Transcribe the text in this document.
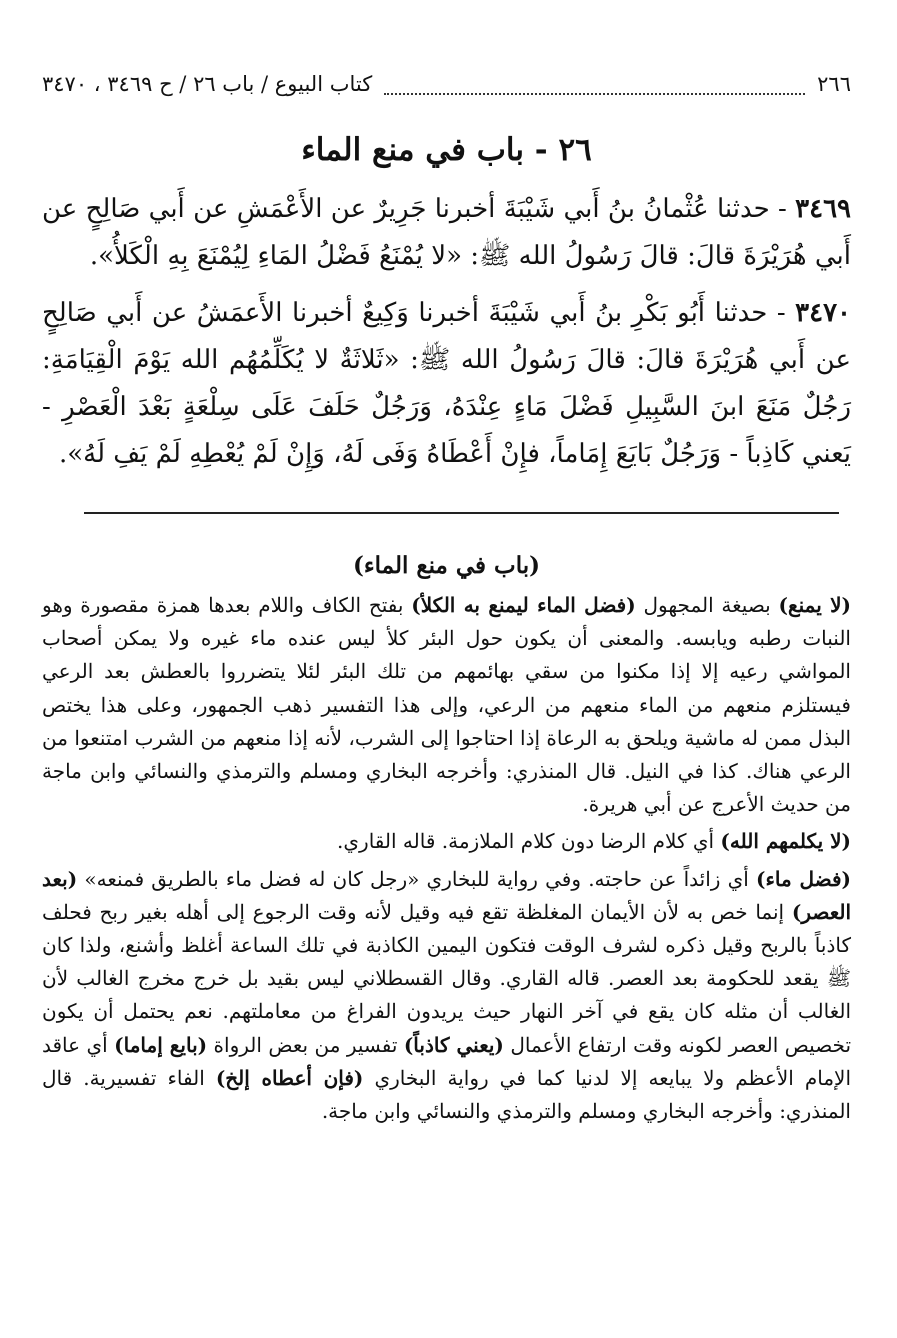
٢٦٦
كتاب البيوع / باب ٢٦ / ح ٣٤٦٩ ، ٣٤٧٠
٢٦ - باب في منع الماء

٣٤٦٩ - حدثنا عُثْمانُ بنُ أَبي شَيْبَةَ أخبرنا جَرِيرٌ عن الأَعْمَشِ عن أَبي صَالِحٍ عن أَبي هُرَيْرَةَ قالَ: قالَ رَسُولُ الله ﷺ: «لا يُمْنَعُ فَضْلُ المَاءِ لِيُمْنَعَ بِهِ الْكَلأُ».

٣٤٧٠ - حدثنا أَبُو بَكْرِ بنُ أَبي شَيْبَةَ أخبرنا وَكِيعٌ أخبرنا الأَعمَشُ عن أَبي صَالِحٍ عن أَبي هُرَيْرَةَ قالَ: قالَ رَسُولُ الله ﷺ: «ثَلاثَةٌ لا يُكَلِّمُهُم الله يَوْمَ الْقِيَامَةِ: رَجُلٌ مَنَعَ ابنَ السَّبِيلِ فَضْلَ مَاءٍ عِنْدَهُ، وَرَجُلٌ حَلَفَ عَلَى سِلْعَةٍ بَعْدَ الْعَصْرِ - يَعني كَاذِباً - وَرَجُلٌ بَايَعَ إِمَاماً، فإِنْ أَعْطَاهُ وَفَى لَهُ، وَإِنْ لَمْ يُعْطِهِ لَمْ يَفِ لَهُ».

(باب في منع الماء)

(لا يمنع) بصيغة المجهول (فضل الماء ليمنع به الكلأ) بفتح الكاف واللام بعدها همزة مقصورة وهو النبات رطبه ويابسه. والمعنى أن يكون حول البئر كلأ ليس عنده ماء غيره ولا يمكن أصحاب المواشي رعيه إلا إذا مكنوا من سقي بهائمهم من تلك البئر لئلا يتضرروا بالعطش بعد الرعي فيستلزم منعهم من الماء منعهم من الرعي، وإلى هذا التفسير ذهب الجمهور، وعلى هذا يختص البذل ممن له ماشية ويلحق به الرعاة إذا احتاجوا إلى الشرب، لأنه إذا منعهم من الشرب امتنعوا من الرعي هناك. كذا في النيل. قال المنذري: وأخرجه البخاري ومسلم والترمذي والنسائي وابن ماجة من حديث الأعرج عن أبي هريرة.

(لا يكلمهم الله) أي كلام الرضا دون كلام الملازمة. قاله القاري.

(فضل ماء) أي زائداً عن حاجته. وفي رواية للبخاري «رجل كان له فضل ماء بالطريق فمنعه» (بعد العصر) إنما خص به لأن الأيمان المغلظة تقع فيه وقيل لأنه وقت الرجوع إلى أهله بغير ربح فحلف كاذباً بالربح وقيل ذكره لشرف الوقت فتكون اليمين الكاذبة في تلك الساعة أغلظ وأشنع، ولذا كان ﷺ يقعد للحكومة بعد العصر. قاله القاري. وقال القسطلاني ليس بقيد بل خرج مخرج الغالب لأن الغالب أن مثله كان يقع في آخر النهار حيث يريدون الفراغ من معاملتهم. نعم يحتمل أن يكون تخصيص العصر لكونه وقت ارتفاع الأعمال (يعني كاذباً) تفسير من بعض الرواة (بايع إماما) أي عاقد الإمام الأعظم ولا يبايعه إلا لدنيا كما في رواية البخاري (فإن أعطاه إلخ) الفاء تفسيرية. قال المنذري: وأخرجه البخاري ومسلم والترمذي والنسائي وابن ماجة.
